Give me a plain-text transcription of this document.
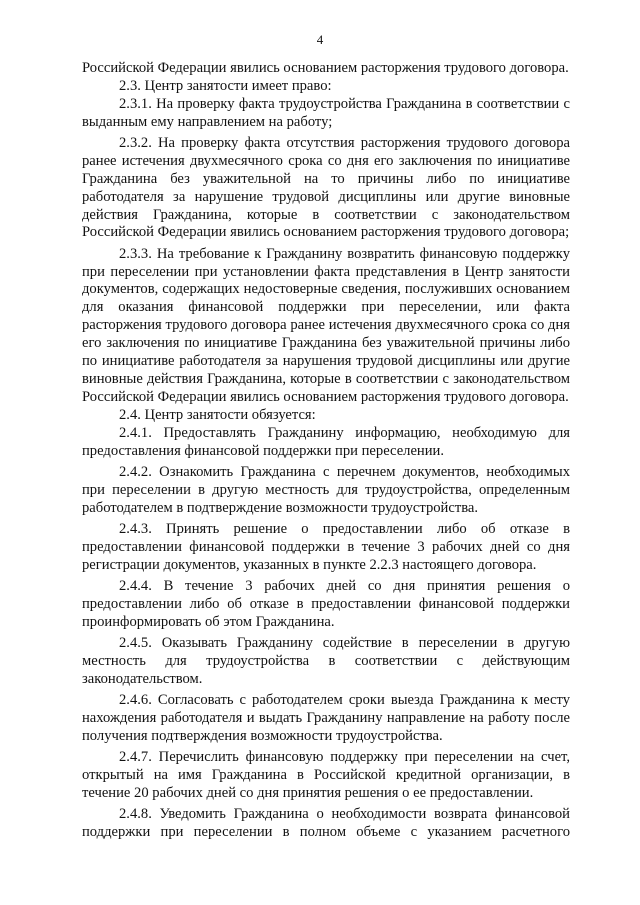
4

Российской Федерации явились основанием расторжения трудового договора.

2.3. Центр занятости имеет право:

2.3.1. На проверку факта трудоустройства Гражданина в соответствии с выданным ему направлением на работу;

2.3.2. На проверку факта отсутствия расторжения трудового договора ранее истечения двухмесячного срока со дня его заключения по инициативе Гражданина без уважительной на то причины либо по инициативе работодателя за нарушение трудовой дисциплины или другие виновные действия Гражданина, которые в соответствии с законодательством Российской Федерации явились основанием расторжения трудового договора;

2.3.3. На требование к Гражданину возвратить финансовую поддержку при переселении при установлении факта представления в Центр занятости документов, содержащих недостоверные сведения, послуживших основанием для оказания финансовой поддержки при переселении, или факта расторжения трудового договора ранее истечения двухмесячного срока со дня его заключения по инициативе Гражданина без уважительной причины либо по инициативе работодателя за нарушения трудовой дисциплины или другие виновные действия Гражданина, которые в соответствии с законодательством Российской Федерации явились основанием расторжения трудового договора.

2.4. Центр занятости обязуется:

2.4.1. Предоставлять Гражданину информацию, необходимую для предоставления финансовой поддержки при переселении.

2.4.2. Ознакомить Гражданина с перечнем документов, необходимых при переселении в другую местность для трудоустройства, определенным работодателем в подтверждение возможности трудоустройства.

2.4.3. Принять решение о предоставлении либо об отказе в предоставлении финансовой поддержки в течение 3 рабочих дней со дня регистрации документов, указанных в пункте 2.2.3 настоящего договора.

2.4.4. В течение 3 рабочих дней со дня принятия решения о предоставлении либо об отказе в предоставлении финансовой поддержки проинформировать об этом Гражданина.

2.4.5. Оказывать Гражданину содействие в переселении в другую местность для трудоустройства в соответствии с действующим законодательством.

2.4.6. Согласовать с работодателем сроки выезда Гражданина к месту нахождения работодателя и выдать Гражданину направление на работу после получения подтверждения возможности трудоустройства.

2.4.7. Перечислить финансовую поддержку при переселении на счет, открытый на имя Гражданина в Российской кредитной организации, в течение 20 рабочих дней со дня принятия решения о ее предоставлении.

2.4.8. Уведомить Гражданина о необходимости возврата финансовой поддержки при переселении в полном объеме с указанием расчетного
